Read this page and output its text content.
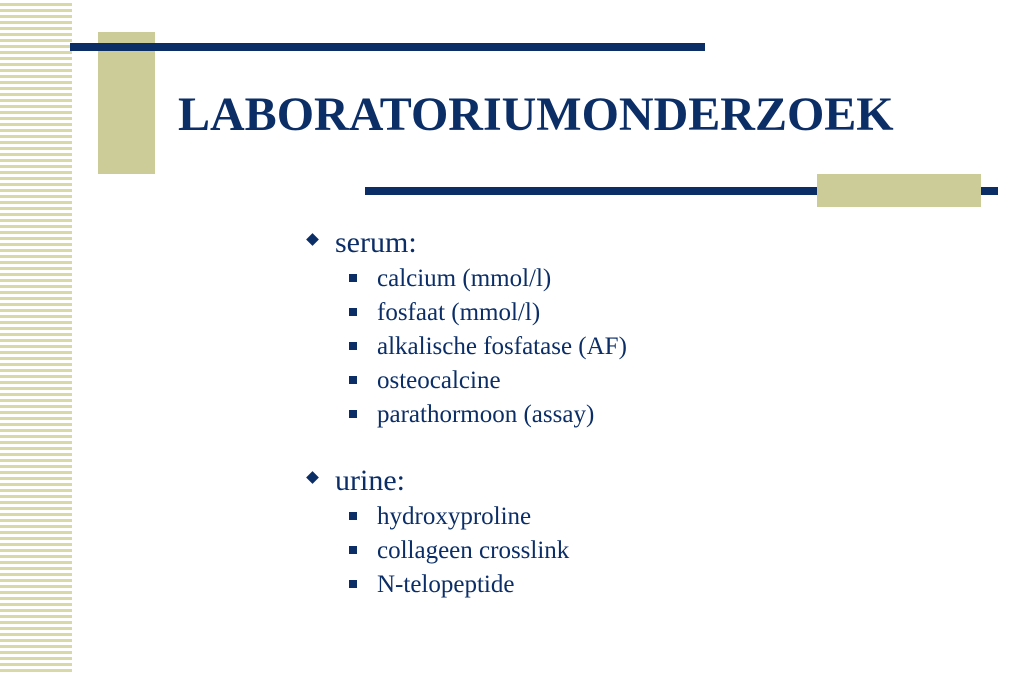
LABORATORIUMONDERZOEK
serum:
calcium (mmol/l)
fosfaat (mmol/l)
alkalische fosfatase (AF)
osteocalcine
parathormoon (assay)
urine:
hydroxyproline
collageen crosslink
N-telopeptide
